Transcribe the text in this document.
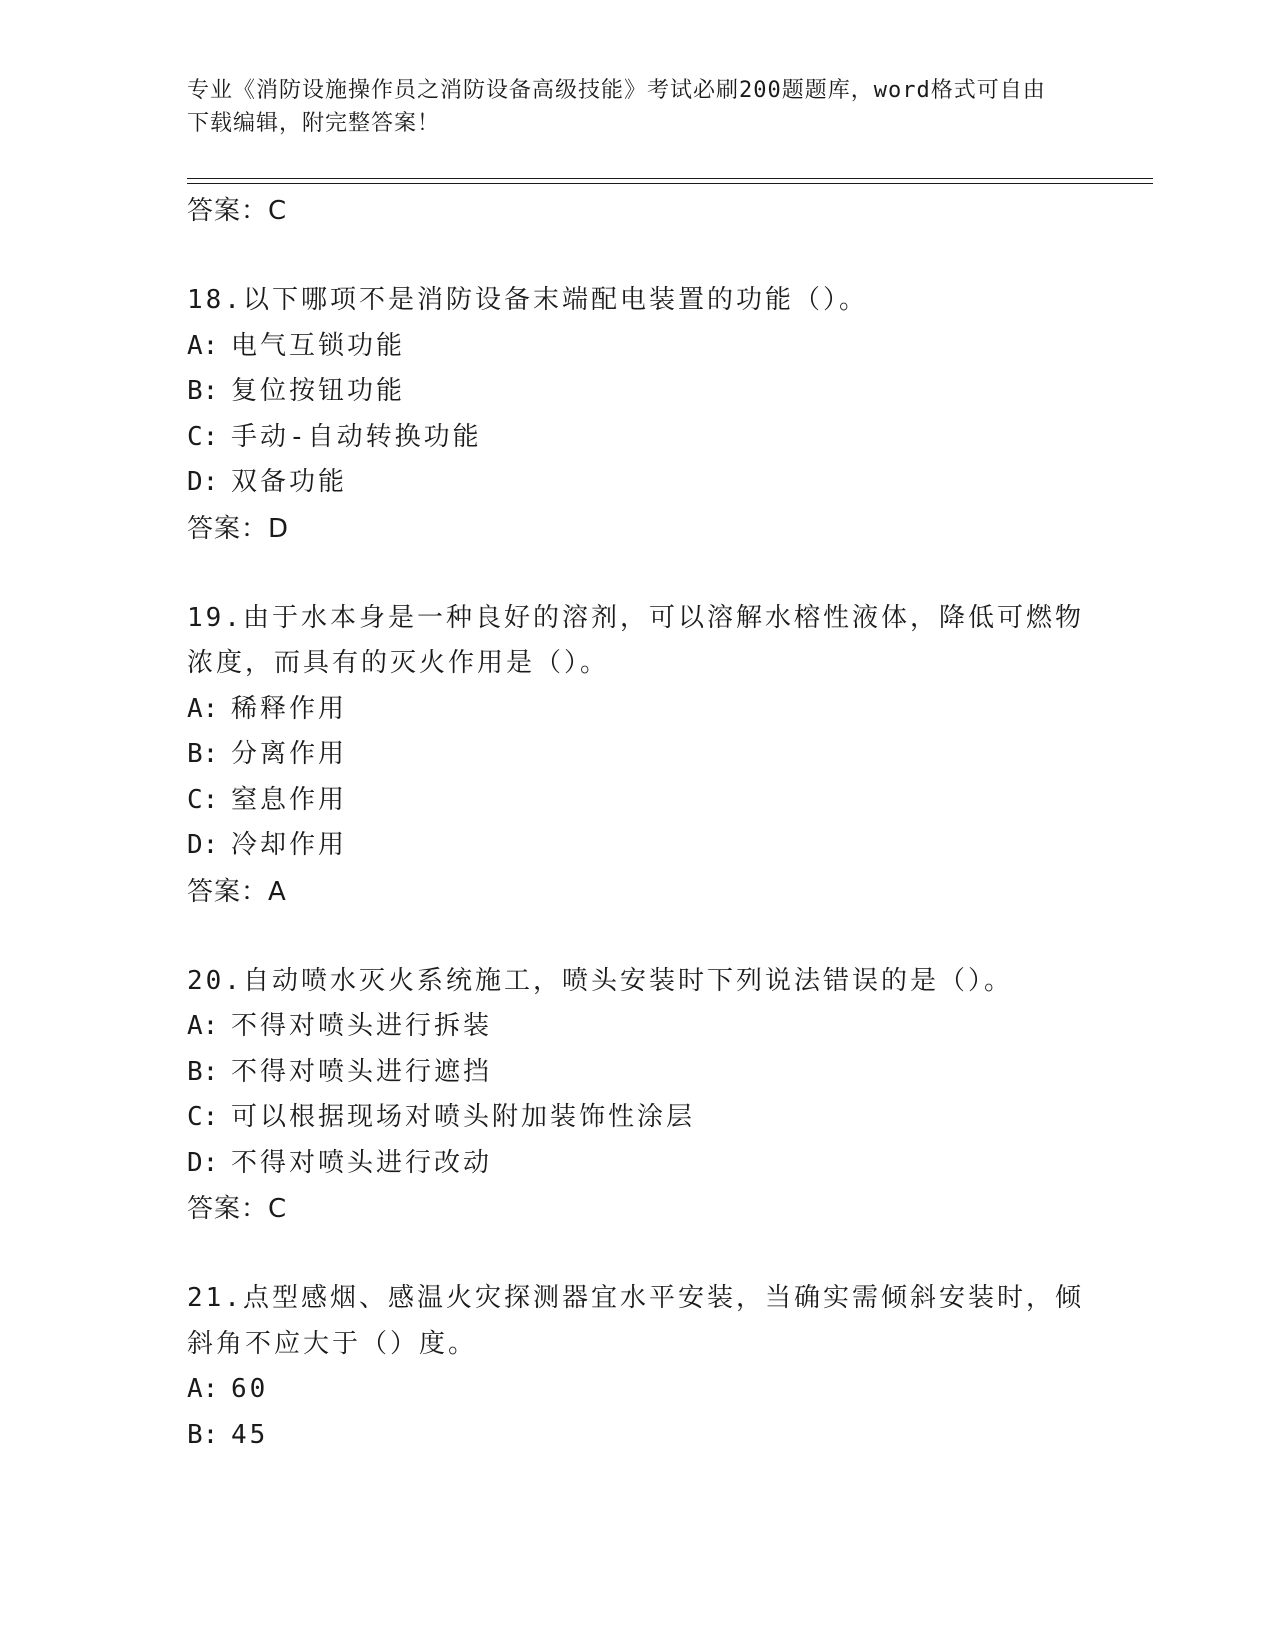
专业《消防设施操作员之消防设备高级技能》考试必刷200题题库，word格式可自由下载编辑，附完整答案！
答案：C
18.以下哪项不是消防设备末端配电装置的功能（）。
A: 电气互锁功能
B: 复位按钮功能
C: 手动-自动转换功能
D: 双备功能
答案：D
19.由于水本身是一种良好的溶剂，可以溶解水榕性液体，降低可燃物浓度，而具有的灭火作用是（）。
A: 稀释作用
B: 分离作用
C: 窒息作用
D: 冷却作用
答案：A
20.自动喷水灭火系统施工，喷头安装时下列说法错误的是（）。
A: 不得对喷头进行拆装
B: 不得对喷头进行遮挡
C: 可以根据现场对喷头附加装饰性涂层
D: 不得对喷头进行改动
答案：C
21.点型感烟、感温火灾探测器宜水平安装，当确实需倾斜安装时，倾斜角不应大于（）度。
A: 60
B: 45
